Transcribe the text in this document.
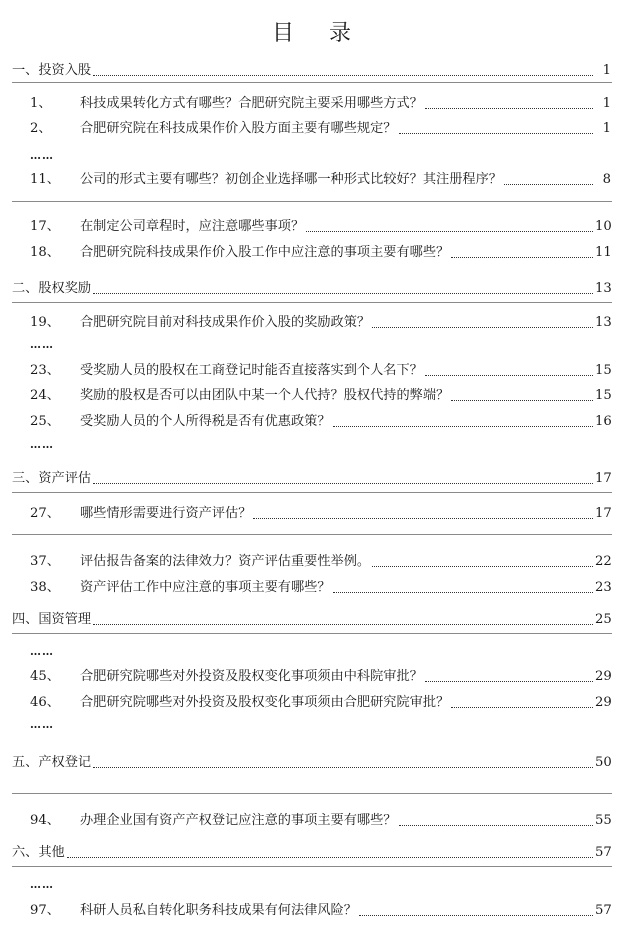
目 录
一、投资入股	1
1、	科技成果转化方式有哪些？合肥研究院主要采用哪些方式？	1
2、	合肥研究院在科技成果作价入股方面主要有哪些规定？	1
……
11、	公司的形式主要有哪些？初创企业选择哪一种形式比较好？其注册程序？	8
17、	在制定公司章程时，应注意哪些事项？	10
18、	合肥研究院科技成果作价入股工作中应注意的事项主要有哪些？	11
二、股权奖励	13
19、	合肥研究院目前对科技成果作价入股的奖励政策？	13
……
23、	受奖励人员的股权在工商登记时能否直接落实到个人名下？	15
24、	奖励的股权是否可以由团队中某一个人代持？股权代持的弊端？	15
25、	受奖励人员的个人所得税是否有优惠政策？	16
……
三、资产评估	17
27、	哪些情形需要进行资产评估？	17
37、	评估报告备案的法律效力？资产评估重要性举例。	22
38、	资产评估工作中应注意的事项主要有哪些？	23
四、国资管理	25
……
45、	合肥研究院哪些对外投资及股权变化事项须由中科院审批？	29
46、	合肥研究院哪些对外投资及股权变化事项须由合肥研究院审批？	29
……
五、产权登记	50
94、	办理企业国有资产产权登记应注意的事项主要有哪些？	55
六、其他	57
……
97、	科研人员私自转化职务科技成果有何法律风险？	57
